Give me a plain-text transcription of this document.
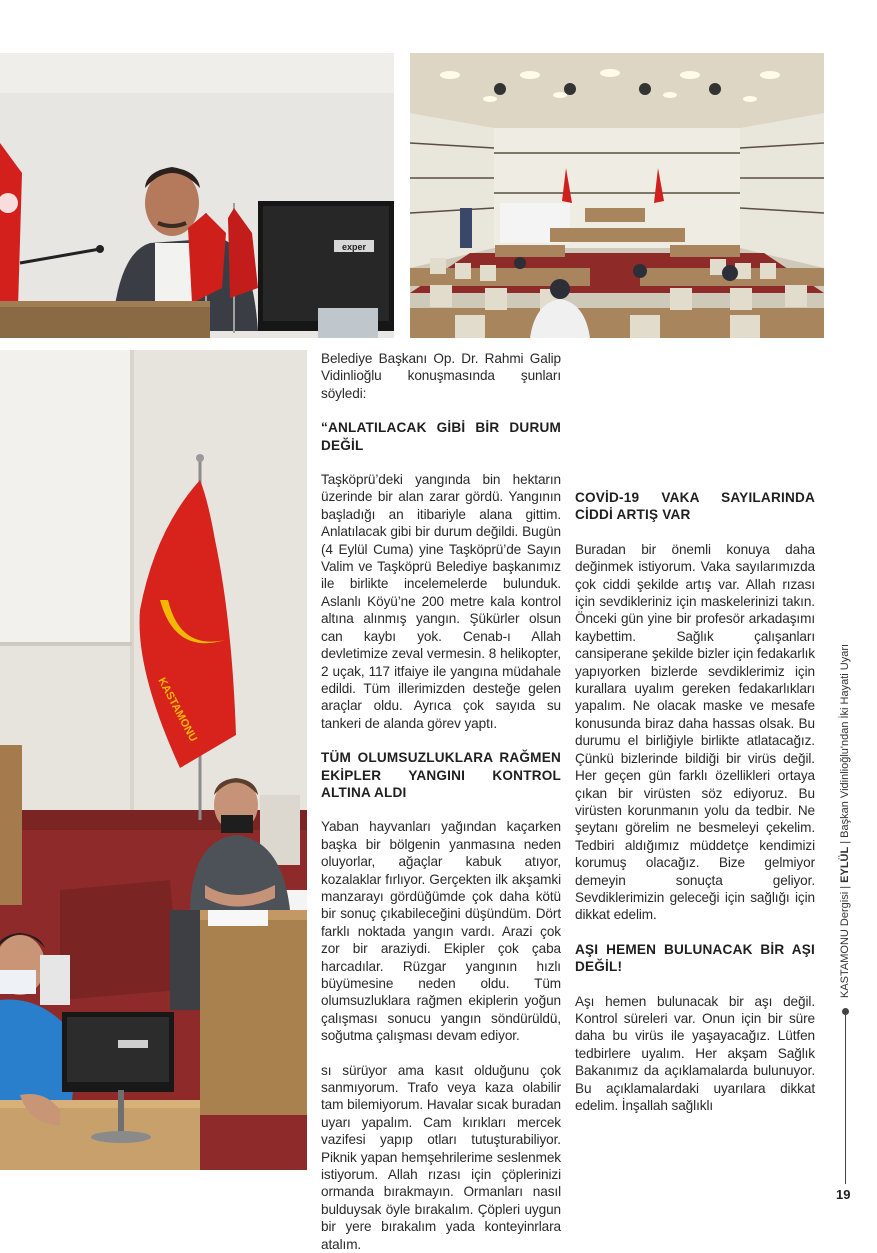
exper
KASTAMONU

Belediye Başkanı Op. Dr. Rahmi Galip Vidinlioğlu konuşmasında şunları söyledi:

“ANLATILACAK GİBİ BİR DURUM DEĞİL

Taşköprü’deki yangında bin hektarın üzerinde bir alan zarar gördü. Yangının başladığı an itibariyle alana gittim. Anlatılacak gibi bir durum değildi. Bugün (4 Eylül Cuma) yine Taşköprü’de Sayın Valim ve Taşköprü Belediye başkanımız ile birlikte incelemelerde bulunduk. Aslanlı Köyü’ne 200 metre kala kontrol altına alınmış yangın. Şükürler olsun can kaybı yok. Cenab-ı Allah devletimize zeval vermesin. 8 helikopter, 2 uçak, 117 itfaiye ile yangına müdahale edildi. Tüm illerimizden desteğe gelen araçlar oldu. Ayrıca çok sayıda su tankeri de alanda görev yaptı.

TÜM OLUMSUZLUKLARA RAĞMEN EKİPLER YANGINI KONTROL ALTINA ALDI

Yaban hayvanları yağından kaçarken başka bir bölgenin yanmasına neden oluyorlar, ağaçlar kabuk atıyor, kozalaklar fırlıyor. Gerçekten ilk akşamki manzarayı gördüğümde çok daha kötü bir sonuç çıkabileceğini düşündüm. Dört farklı noktada yangın vardı. Arazi çok zor bir araziydi. Ekipler çok çaba harcadılar. Rüzgar yangının hızlı büyümesine neden oldu. Tüm olumsuzluklara rağmen ekiplerin yoğun çalışması sonucu yangın söndürüldü, soğutma çalışması devam ediyor.

sı sürüyor ama kasıt olduğunu çok sanmıyorum. Trafo veya kaza olabilir tam bilemiyorum. Havalar sıcak buradan uyarı yapalım. Cam kırıkları mercek vazifesi yapıp otları tutuşturabiliyor. Piknik yapan hemşehrilerime seslenmek istiyorum. Allah rızası için çöplerinizi ormanda bırakmayın. Ormanları nasıl bulduysak öyle bırakalım. Çöpleri uygun bir yere bırakalım yada konteyinrlara atalım.

COVİD-19 VAKA SAYILARINDA CİDDİ ARTIŞ VAR

Buradan bir önemli konuya daha değinmek istiyorum. Vaka sayılarımızda çok ciddi şekilde artış var. Allah rızası için sevdikleriniz için maskelerinizi takın. Önceki gün yine bir profesör arkadaşımı kaybettim. Sağlık çalışanları cansiperane şekilde bizler için fedakarlık yapıyorken bizlerde sevdiklerimiz için kurallara uyalım gereken fedakarlıkları yapalım. Ne olacak maske ve mesafe konusunda biraz daha hassas olsak. Bu durumu el birliğiyle birlikte atlatacağız. Çünkü bizlerinde bildiği bir virüs değil. Her geçen gün farklı özellikleri ortaya çıkan bir virüsten söz ediyoruz. Bu virüsten korunmanın yolu da tedbir. Ne şeytanı görelim ne besmeleyi çekelim. Tedbiri aldığımız müddetçe kendimizi korumuş olacağız. Bize gelmiyor demeyin sonuçta geliyor. Sevdiklerimizin geleceği için sağlığı için dikkat edelim.

AŞI HEMEN BULUNACAK BİR AŞI DEĞİL!

Aşı hemen bulunacak bir aşı değil. Kontrol süreleri var. Onun için bir süre daha bu virüs ile yaşayacağız. Lütfen tedbirlere uyalım. Her akşam Sağlık Bakanımız da açıklamalarda bulunuyor. Bu açıklamalardaki uyarılara dikkat edelim. İnşallah sağlıklı

KASTAMONU Dergisi | EYLÜL | Başkan Vidinlioğlu'ndan İki Hayati Uyarı
19
